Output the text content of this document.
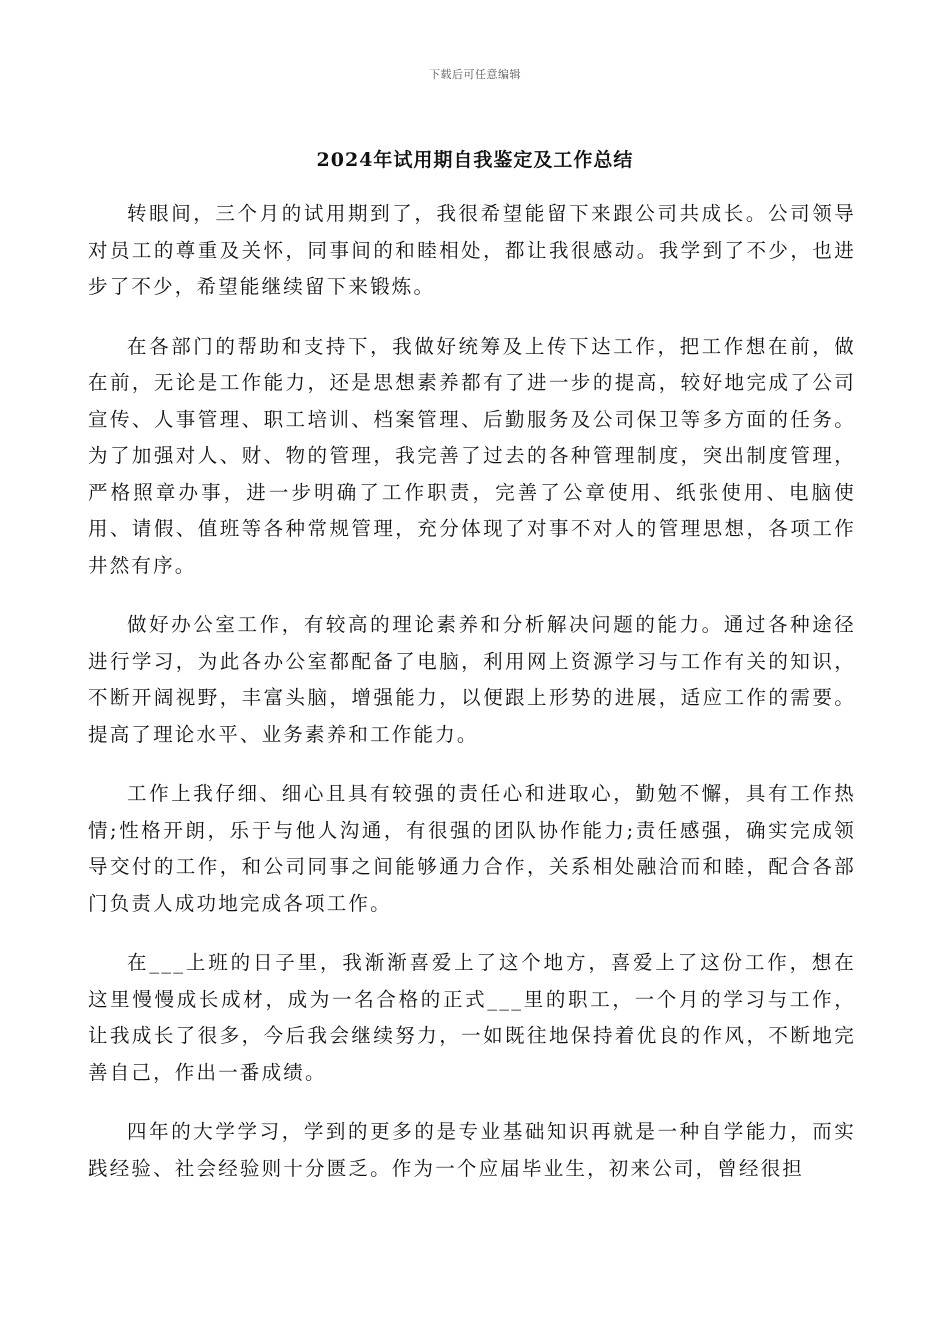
下载后可任意编辑
2024年试用期自我鉴定及工作总结

转眼间，三个月的试用期到了，我很希望能留下来跟公司共成长。公司领导对员工的尊重及关怀，同事间的和睦相处，都让我很感动。我学到了不少，也进步了不少，希望能继续留下来锻炼。

在各部门的帮助和支持下，我做好统筹及上传下达工作，把工作想在前，做在前，无论是工作能力，还是思想素养都有了进一步的提高，较好地完成了公司宣传、人事管理、职工培训、档案管理、后勤服务及公司保卫等多方面的任务。为了加强对人、财、物的管理，我完善了过去的各种管理制度，突出制度管理，严格照章办事，进一步明确了工作职责，完善了公章使用、纸张使用、电脑使用、请假、值班等各种常规管理，充分体现了对事不对人的管理思想，各项工作井然有序。

做好办公室工作，有较高的理论素养和分析解决问题的能力。通过各种途径进行学习，为此各办公室都配备了电脑，利用网上资源学习与工作有关的知识，不断开阔视野，丰富头脑，增强能力，以便跟上形势的进展，适应工作的需要。提高了理论水平、业务素养和工作能力。

工作上我仔细、细心且具有较强的责任心和进取心，勤勉不懈，具有工作热情;性格开朗，乐于与他人沟通，有很强的团队协作能力;责任感强，确实完成领导交付的工作，和公司同事之间能够通力合作，关系相处融洽而和睦，配合各部门负责人成功地完成各项工作。

在___上班的日子里，我渐渐喜爱上了这个地方，喜爱上了这份工作，想在这里慢慢成长成材，成为一名合格的正式___里的职工，一个月的学习与工作，让我成长了很多，今后我会继续努力，一如既往地保持着优良的作风，不断地完善自己，作出一番成绩。

四年的大学学习，学到的更多的是专业基础知识再就是一种自学能力，而实践经验、社会经验则十分匮乏。作为一个应届毕业生，初来公司，曾经很担
